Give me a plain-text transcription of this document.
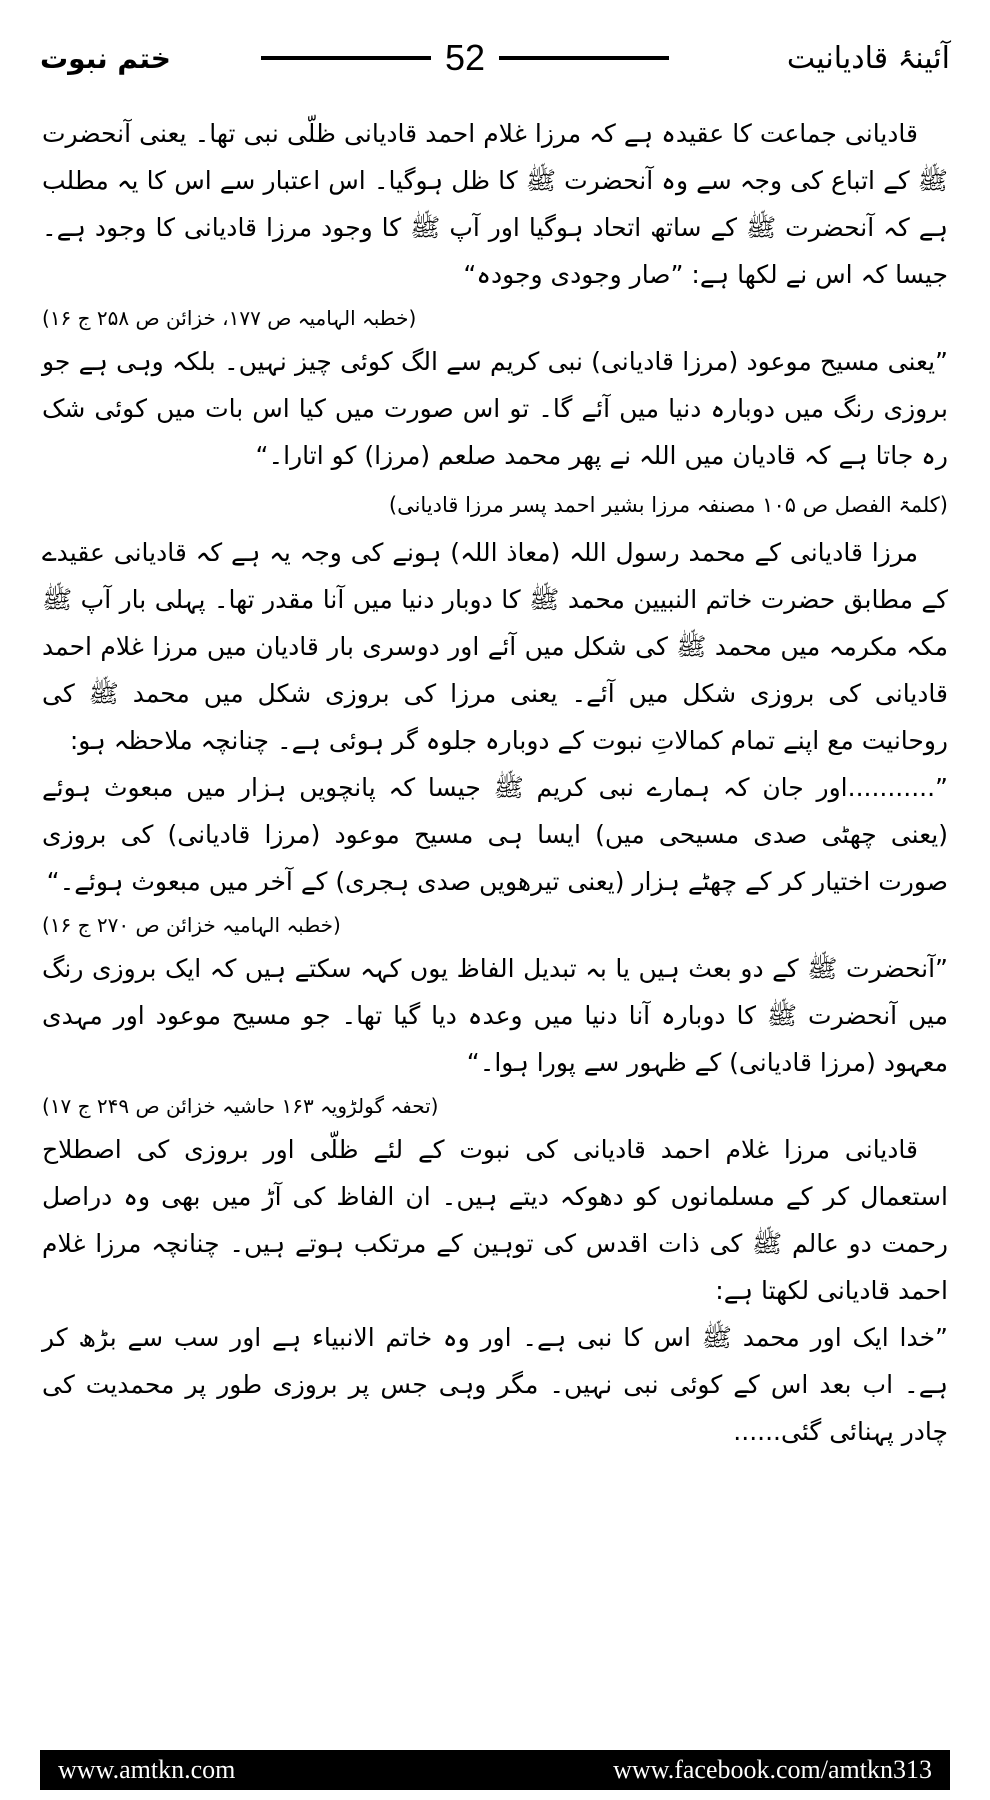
ختم نبوت	52	آئینۂ قادیانیت

قادیانی جماعت کا عقیدہ ہے کہ مرزا غلام احمد قادیانی ظلّی نبی تھا۔ یعنی آنحضرت ﷺ کے اتباع کی وجہ سے وہ آنحضرت ﷺ کا ظل ہوگیا۔ اس اعتبار سے اس کا یہ مطلب ہے کہ آنحضرت ﷺ کے ساتھ اتحاد ہوگیا اور آپ ﷺ کا وجود مرزا قادیانی کا وجود ہے۔ جیسا کہ اس نے لکھا ہے: ”صار وجودی وجودہ“

(خطبہ الہامیہ ص ۱۷۷، خزائن ص ۲۵۸ ج ۱۶)

”یعنی مسیح موعود (مرزا قادیانی) نبی کریم سے الگ کوئی چیز نہیں۔ بلکہ وہی ہے جو بروزی رنگ میں دوبارہ دنیا میں آئے گا۔ تو اس صورت میں کیا اس بات میں کوئی شک رہ جاتا ہے کہ قادیان میں اللہ نے پھر محمد صلعم (مرزا) کو اتارا۔“

(کلمۃ الفصل ص ۱۰۵ مصنفہ مرزا بشیر احمد پسر مرزا قادیانی)

مرزا قادیانی کے محمد رسول اللہ (معاذ اللہ) ہونے کی وجہ یہ ہے کہ قادیانی عقیدے کے مطابق حضرت خاتم النبیین محمد ﷺ کا دوبار دنیا میں آنا مقدر تھا۔ پہلی بار آپ ﷺ مکہ مکرمہ میں محمد ﷺ کی شکل میں آئے اور دوسری بار قادیان میں مرزا غلام احمد قادیانی کی بروزی شکل میں آئے۔ یعنی مرزا کی بروزی شکل میں محمد ﷺ کی روحانیت مع اپنے تمام کمالاتِ نبوت کے دوبارہ جلوہ گر ہوئی ہے۔ چنانچہ ملاحظہ ہو:

”...........اور جان کہ ہمارے نبی کریم ﷺ جیسا کہ پانچویں ہزار میں مبعوث ہوئے (یعنی چھٹی صدی مسیحی میں) ایسا ہی مسیح موعود (مرزا قادیانی) کی بروزی صورت اختیار کر کے چھٹے ہزار (یعنی تیرھویں صدی ہجری) کے آخر میں مبعوث ہوئے۔“

(خطبہ الہامیہ خزائن ص ۲۷۰ ج ۱۶)

”آنحضرت ﷺ کے دو بعث ہیں یا بہ تبدیل الفاظ یوں کہہ سکتے ہیں کہ ایک بروزی رنگ میں آنحضرت ﷺ کا دوبارہ آنا دنیا میں وعدہ دیا گیا تھا۔ جو مسیح موعود اور مہدی معہود (مرزا قادیانی) کے ظہور سے پورا ہوا۔“

(تحفہ گولڑویہ ۱۶۳ حاشیہ خزائن ص ۲۴۹ ج ۱۷)

قادیانی مرزا غلام احمد قادیانی کی نبوت کے لئے ظلّی اور بروزی کی اصطلاح استعمال کر کے مسلمانوں کو دھوکہ دیتے ہیں۔ ان الفاظ کی آڑ میں بھی وہ دراصل رحمت دو عالم ﷺ کی ذات اقدس کی توہین کے مرتکب ہوتے ہیں۔ چنانچہ مرزا غلام احمد قادیانی لکھتا ہے:

”خدا ایک اور محمد ﷺ اس کا نبی ہے۔ اور وہ خاتم الانبیاء ہے اور سب سے بڑھ کر ہے۔ اب بعد اس کے کوئی نبی نہیں۔ مگر وہی جس پر بروزی طور پر محمدیت کی چادر پہنائی گئی......

www.amtkn.com	www.facebook.com/amtkn313
